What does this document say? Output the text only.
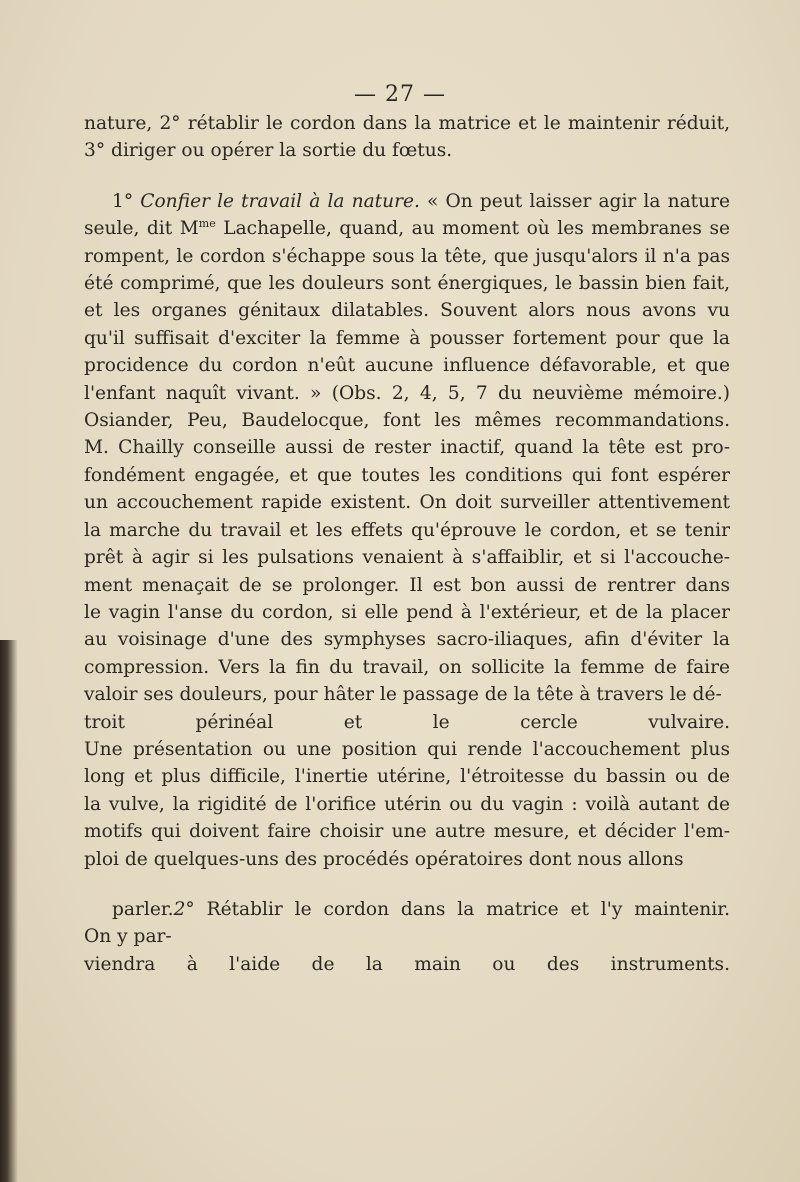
— 27 —

nature, 2° rétablir le cordon dans la matrice et le maintenir réduit,
3° diriger ou opérer la sortie du fœtus.

1° Confier le travail à la nature. « On peut laisser agir la nature
seule, dit $M^{me}$ Lachapelle, quand, au moment où les membranes se
rompent, le cordon s'échappe sous la tête, que jusqu'alors il n'a pas
été comprimé, que les douleurs sont énergiques, le bassin bien fait,
et les organes génitaux dilatables. Souvent alors nous avons vu
qu'il suffisait d'exciter la femme à pousser fortement pour que la
procidence du cordon n'eût aucune influence défavorable, et que
l'enfant naquît vivant. » (Obs. 2, 4, 5, 7 du neuvième mémoire.)
Osiander, Peu, Baudelocque, font les mêmes recommandations.
M. Chailly conseille aussi de rester inactif, quand la tête est pro-
fondément engagée, et que toutes les conditions qui font espérer
un accouchement rapide existent. On doit surveiller attentivement
la marche du travail et les effets qu'éprouve le cordon, et se tenir
prêt à agir si les pulsations venaient à s'affaiblir, et si l'accouche-
ment menaçait de se prolonger. Il est bon aussi de rentrer dans
le vagin l'anse du cordon, si elle pend à l'extérieur, et de la placer
au voisinage d'une des symphyses sacro-iliaques, afin d'éviter la
compression. Vers la fin du travail, on sollicite la femme de faire
valoir ses douleurs, pour hâter le passage de la tête à travers le dé-

troit périnéal et le cercle vulvaire.
Une présentation ou une position qui rende l'accouchement plus
long et plus difficile, l'inertie utérine, l'étroitesse du bassin ou de
la vulve, la rigidité de l'orifice utérin ou du vagin : voilà autant de
motifs qui doivent faire choisir une autre mesure, et décider l'em-
ploi de quelques-uns des procédés opératoires dont nous allons

parler.2° Rétablir le cordon dans la matrice et l'y maintenir.
On y par-
viendra à l'aide de la main ou des instruments.
